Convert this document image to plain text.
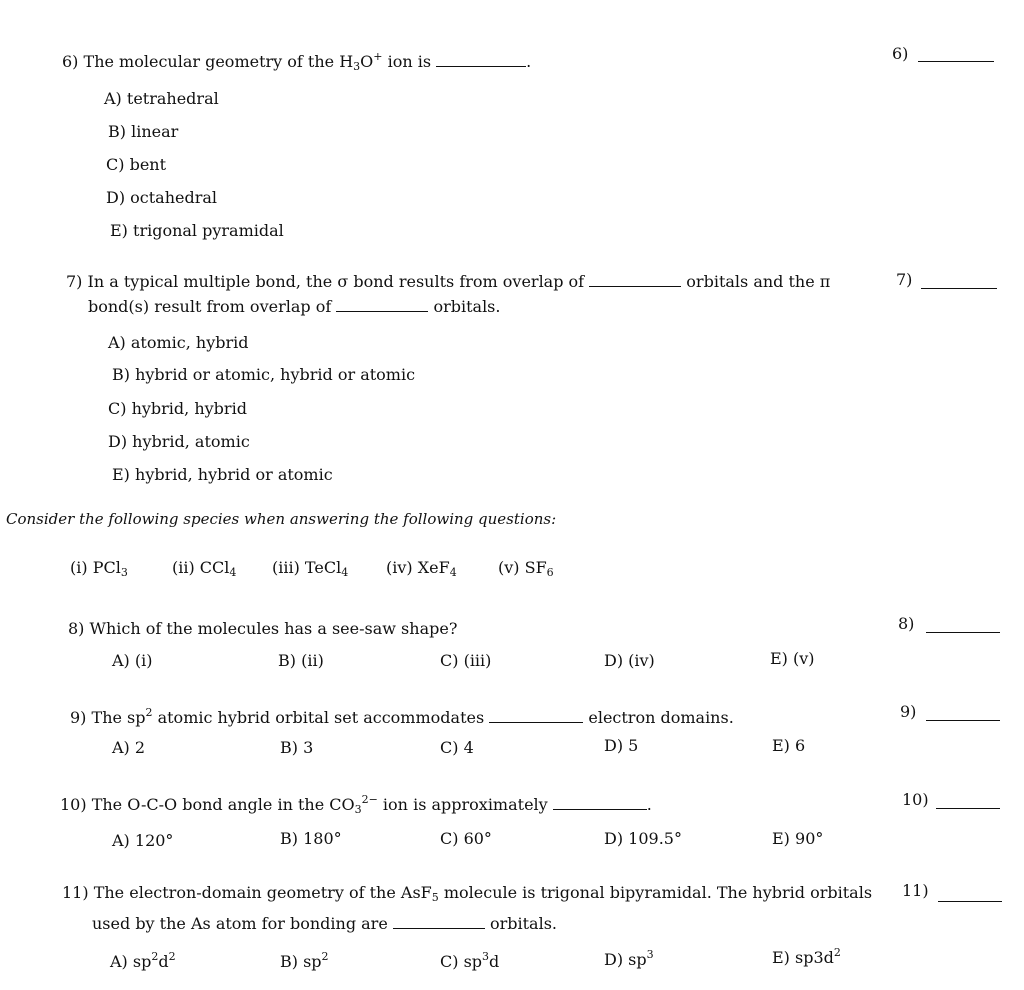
6) The molecular geometry of the $H_3O^+$ ion is	.	6)
A) tetrahedral
B) linear
C) bent
D) octahedral
E) trigonal pyramidal
7) In a typical multiple bond, the σ bond results from overlap of	orbitals and the π
bond(s) result from overlap of	orbitals.
7)
A) atomic, hybrid
B) hybrid or atomic, hybrid or atomic
C) hybrid, hybrid
D) hybrid, atomic
E) hybrid, hybrid or atomic
Consider the following species when answering the following questions:
(i) PCl$_3$	(ii) CCl$_4$ (iii) TeCl$_4$ (iv) XeF$_4$	(v) $SF_6$
8) Which of the molecules has a see-saw shape?	8)
A) (i)	B) (ii)	C) (iii)	D) (iv)	E) (v)
9) The $sp^2$ atomic hybrid orbital set accommodates	electron domains.	9)
A) 2	B) 3	C) 4	D) 5	E) 6
10) The O-C-O bond angle in the $CO_3^{2-}$ ion is approximately	.	10)
A) 120°	B) 180°	C) 60°	D) 109.5°	E) 90°
11) The electron-domain geometry of the AsF$_5$ molecule is trigonal bipyramidal. The hybrid orbitals
used by the As atom for bonding are	orbitals.
11)
A) $sp^2d^2$	B) $sp^2$	C) $sp^3d$	D) $sp^3$	E) $sp3d^2$
